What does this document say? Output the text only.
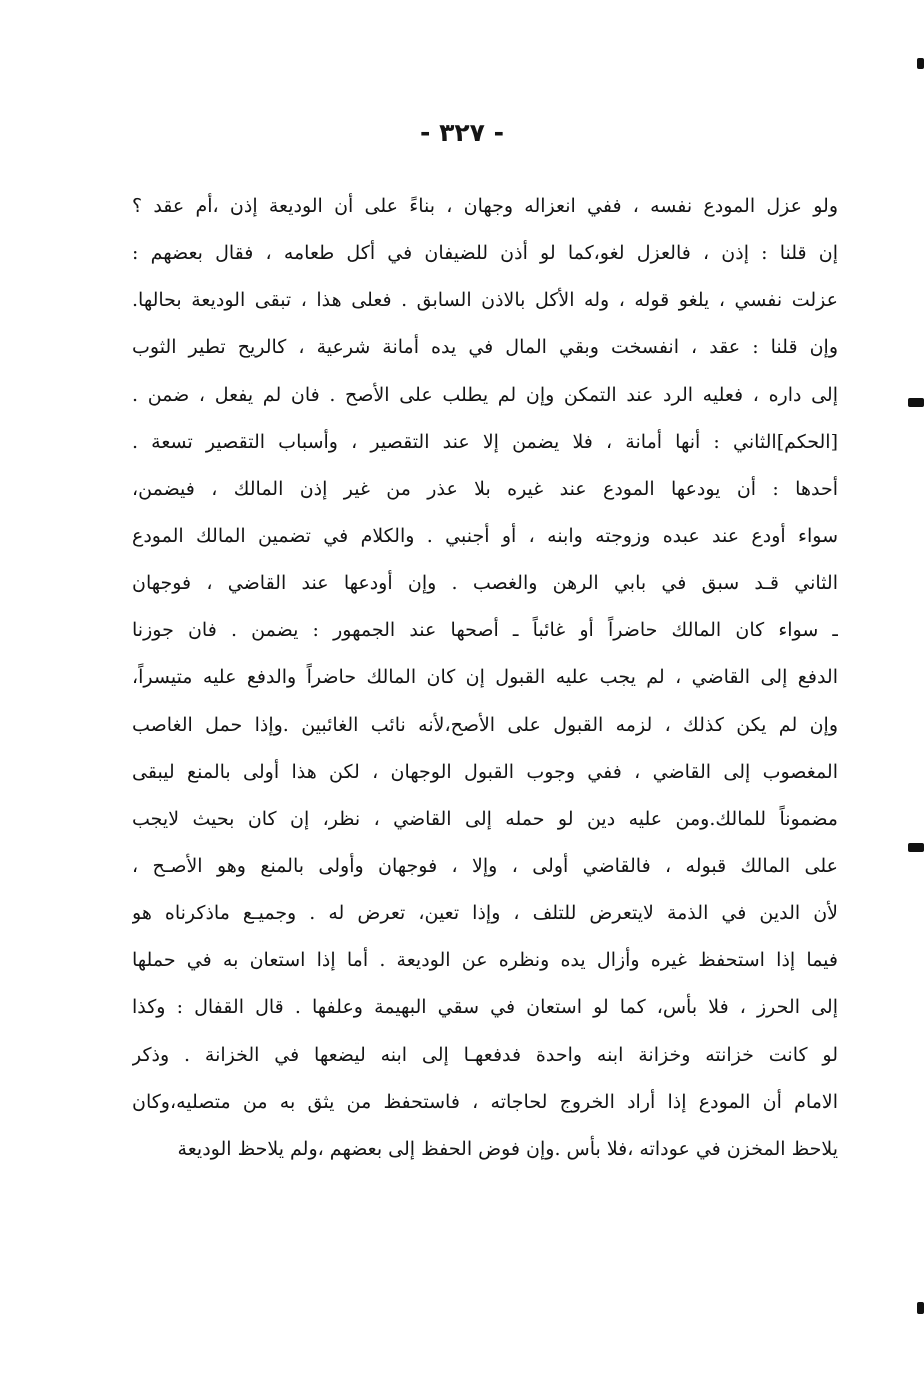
- ٣٢٧ -
ولو عزل المودع نفسه ، ففي انعزاله وجهان ، بناءً على أن الوديعة إذن ،أم عقد ؟
إن قلنا : إذن ، فالعزل لغو،كما لو أذن للضيفان في أكل طعامه ، فقال بعضهم :
عزلت نفسي ، يلغو قوله ، وله الأكل بالاذن السابق . فعلى هذا ، تبقى الوديعة بحالها.
وإن قلنا : عقد ، انفسخت وبقي المال في يده أمانة شرعية ، كالريح تطير الثوب
إلى داره ، فعليه الرد عند التمكن وإن لم يطلب على الأصح . فان لم يفعل ، ضمن .
[الحكم]الثاني : أنها أمانة ، فلا يضمن إلا عند التقصير ، وأسباب التقصير تسعة .
أحدها : أن يودعها المودع عند غيره بلا عذر من غير إذن المالك ، فيضمن،
سواء أودع عند عبده وزوجته وابنه ، أو أجنبي . والكلام في تضمين المالك المودع
الثاني قـد سبق في بابي الرهن والغصب . وإن أودعها عند القاضي ، فوجهان
ـ سواء كان المالك حاضراً أو غائباً ـ أصحها عند الجمهور : يضمن . فان جوزنا
الدفع إلى القاضي ، لم يجب عليه القبول إن كان المالك حاضراً والدفع عليه متيسراً،
وإن لم يكن كذلك ، لزمه القبول على الأصح،لأنه نائب الغائبين .وإذا حمل الغاصب
المغصوب إلى القاضي ، ففي وجوب القبول الوجهان ، لكن هذا أولى بالمنع ليبقى
مضموناً للمالك.ومن عليه دين لو حمله إلى القاضي ، نظر، إن كان بحيث لايجب
على المالك قبوله ، فالقاضي أولى ، وإلا ، فوجهان وأولى بالمنع وهو الأصـح ،
لأن الدين في الذمة لايتعرض للتلف ، وإذا تعين، تعرض له . وجميـع ماذكرناه هو
فيما إذا استحفظ غيره وأزال يده ونظره عن الوديعة . أما إذا استعان به في حملها
إلى الحرز ، فلا بأس، كما لو استعان في سقي البهيمة وعلفها . قال القفال : وكذا
لو كانت خزانته وخزانة ابنه واحدة فدفعهـا إلى ابنه ليضعها في الخزانة . وذكر
الامام أن المودع إذا أراد الخروج لحاجاته ، فاستحفظ من يثق به من متصليه،وكان
يلاحظ المخزن في عوداته ،فلا بأس .وإن فوض الحفظ إلى بعضهم ،ولم يلاحظ الوديعة
